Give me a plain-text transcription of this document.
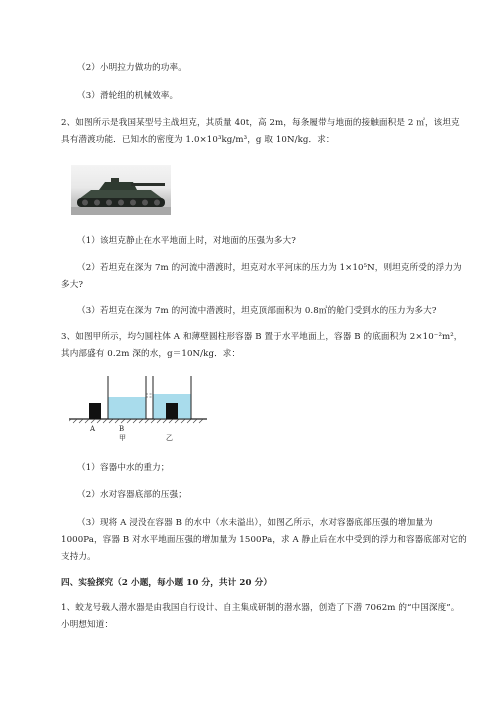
（2）小明拉力做功的功率。
（3）滑轮组的机械效率。
2、如图所示是我国某型号主战坦克，其质量 40t，高 2m，每条履带与地面的接触面积是 2 ㎡，该坦克
具有潜渡功能．已知水的密度为 1.0×10³kg/m³，g 取 10N/kg．求：
（1）该坦克静止在水平地面上时，对地面的压强为多大?
（2）若坦克在深为 7m 的河流中潜渡时，坦克对水平河床的压力为 1×10⁵N，则坦克所受的浮力为
多大?
（3）若坦克在深为 7m 的河流中潜渡时，坦克顶部面积为 0.8㎡的舱门受到水的压力为多大?
3、如图甲所示，均匀圆柱体 A 和薄壁圆柱形容器 B 置于水平地面上，容器 B 的底面积为 2×10⁻²m²，
其内部盛有 0.2m 深的水，g＝10N/kg．求：
A	B
甲	乙
（1）容器中水的重力；
（2）水对容器底部的压强；
（3）现将 A 浸没在容器 B 的水中（水未溢出），如图乙所示，水对容器底部压强的增加量为
1000Pa，容器 B 对水平地面压强的增加量为 1500Pa，求 A 静止后在水中受到的浮力和容器底部对它的
支持力。
四、实验探究（2 小题，每小题 10 分，共计 20 分）
1、蛟龙号载人潜水器是由我国自行设计、自主集成研制的潜水器，创造了下潜 7062m 的“中国深度”。
小明想知道：
